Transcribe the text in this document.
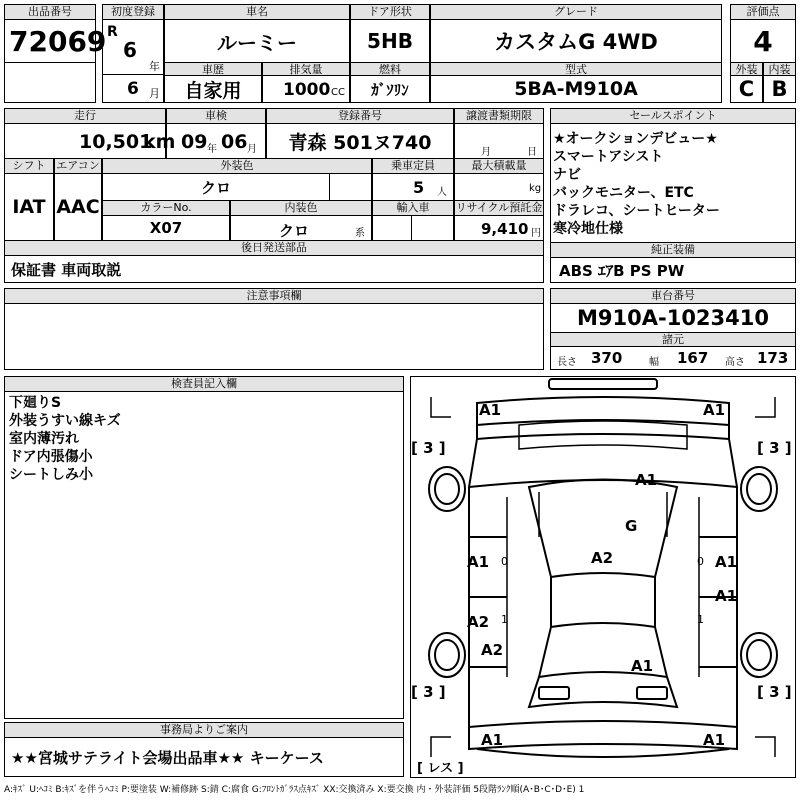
出品番号
72069
初度登録
R
6
年
6 月
車名
ルーミー
ドア形状
5HB
グレード
カスタムG 4WD
評価点
4
車歴
自家用
排気量
1000 CC
燃料
ｶﾞｿﾘﾝ
型式
5BA-M910A
外装	内装
C B
走行
10,501
km
車検
09 年 06 月
登録番号
青森 501ヌ740
譲渡書類期限
月	日
シフト
IAT
エアコン
AAC
外装色
クロ
乗車定員
5 人
最大積載量
kg
カラーNo.
X07
内装色
クロ	系
輸入車	リサイクル預託金
9,410 円
後日発送部品
保証書 車両取説
セールスポイント
★オークションデビュー★
スマートアシスト
ナビ
バックモニター、ETC
ドラレコ、シートヒーター
寒冷地仕様
純正装備
ABS ｴｱB PS PW
注意事項欄	車台番号
M910A-1023410
諸元
長さ 370	幅 167 高さ 173
検査員記入欄
下廻りS
外装うすい線キズ
室内薄汚れ
ドア内張傷小
シートしみ小
A1	A1
A1
G
A2
A1	A1
A1
A2
A2
A1
A1	A1
0	0
1	1
[ 3 ]	[ 3 ]
[ 3 ]	[ 3 ]
[ レス ]
事務局よりご案内
★★宮城サテライト会場出品車★★ キーケース
A:ｷｽﾞ U:ﾍｺﾐ B:ｷｽﾞを伴うﾍｺﾐ P:要塗装 W:補修跡 S:錆 C:腐食 G:ﾌﾛﾝﾄｶﾞﾗｽ点ｷｽﾞ XX:交換済み X:要交換 内・外装評価 5段階ﾗﾝｸ順(A･B･C･D･E) 1
